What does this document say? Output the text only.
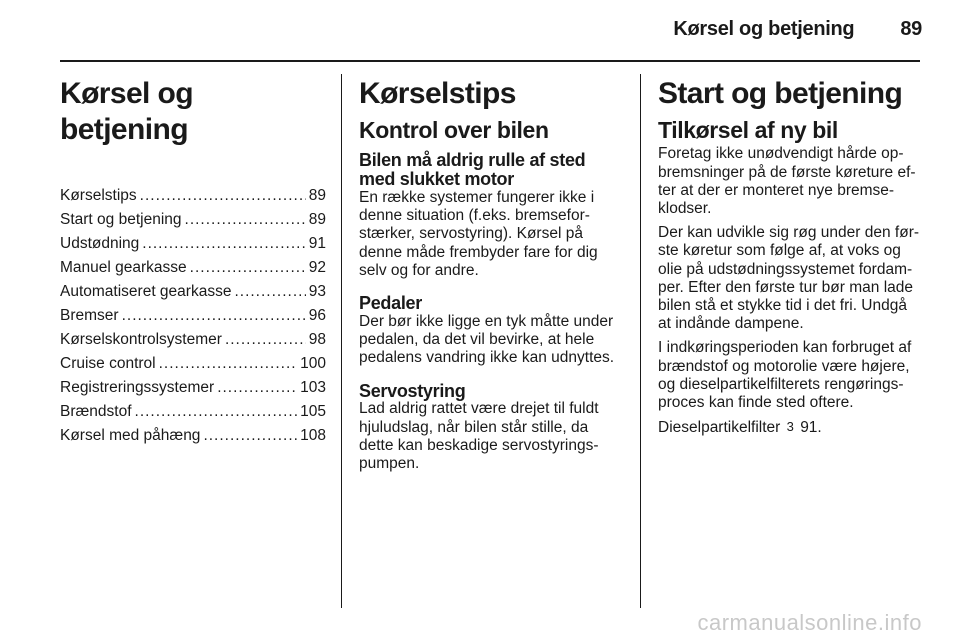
Kørsel og betjening 89
Kørsel og betjening
Kørselstips .....	89
Start og betjening .....	89
Udstødning .....	91
Manuel gearkasse .....	92
Automatiseret gearkasse .....	93
Bremser .....	96
Kørselskontrolsystemer .....	98
Cruise control .....	100
Registreringssystemer .....	103
Brændstof .....	105
Kørsel med påhæng .....	108
Kørselstips
Kontrol over bilen
Bilen må aldrig rulle af sted med slukket motor

En række systemer fungerer ikke i denne situation (f.eks. bremsefor-stærker, servostyring). Kørsel på denne måde frembyder fare for dig selv og for andre.

Pedaler

Der bør ikke ligge en tyk måtte under pedalen, da det vil bevirke, at hele pedalens vandring ikke kan udnyttes.

Servostyring

Lad aldrig rattet være drejet til fuldt hjuludslag, når bilen står stille, da dette kan beskadige servostyrings-pumpen.

Start og betjening
Tilkørsel af ny bil

Foretag ikke unødvendigt hårde op-bremsninger på de første køreture ef-ter at der er monteret nye bremse-klodser.

Der kan udvikle sig røg under den før-ste køretur som følge af, at voks og olie på udstødningssystemet fordam-per. Efter den første tur bør man lade bilen stå et stykke tid i det fri. Undgå at indånde dampene.

I indkøringsperioden kan forbruget af brændstof og motorolie være højere, og dieselpartikelfilterets rengørings-proces kan finde sted oftere.

Dieselpartikelfilter 3 91.

carmanualsonline.info
